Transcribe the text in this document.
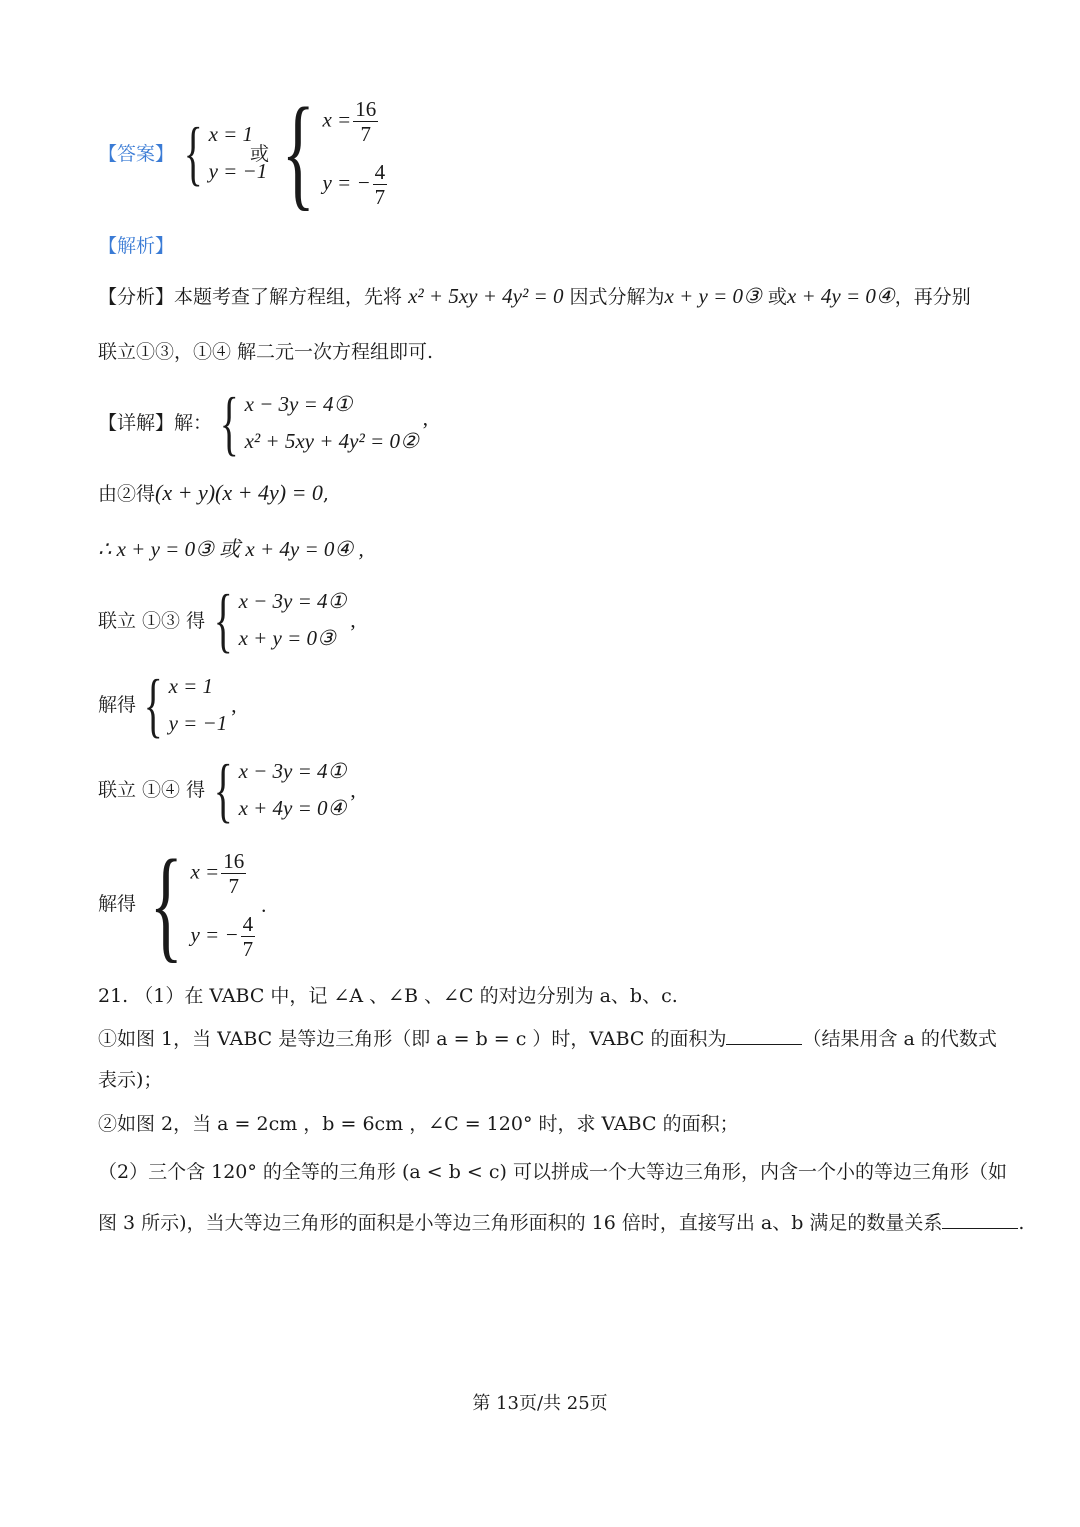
【答案】 { x = 1
y = −1
或 { $x = \frac{16}{7}$
y = − $\frac{4}{7}$
【解析】
【分析】本题考查了解方程组，先将 x² + 5xy + 4y² = 0 因式分解为x + y = 0③ 或x + 4y = 0④，再分别
联立①③，①④ 解二元一次方程组即可.
【详解】解： { x − 3y = 4①
x² + 5xy + 4y² = 0②
,
由②得(x + y)(x + 4y) = 0,
∴ x + y = 0③ 或 x + 4y = 0④ ,
联立 ①③ 得 { x − 3y = 4①
x + y = 0③
,
解得 { x = 1
y = −1
,
联立 ①④ 得 { x − 3y = 4①
x + 4y = 0④
,
解得 { $x = \frac{16}{7}$
y = − $\frac{4}{7}$
.
21. （1）在 VABC 中，记 ∠A 、∠B 、∠C 的对边分别为 a、b、c.
①如图 1，当 VABC 是等边三角形（即 a = b = c ）时，VABC 的面积为	（结果用含 a 的代数式
表示)；
②如图 2，当 a = 2cm ，b = 6cm ，∠C = 120° 时，求 VABC 的面积；
（2）三个含 120° 的全等的三角形 (a < b < c) 可以拼成一个大等边三角形，内含一个小的等边三角形（如
图 3 所示)，当大等边三角形的面积是小等边三角形面积的 16 倍时，直接写出 a、b 满足的数量关系	.
第 13页/共 25页
